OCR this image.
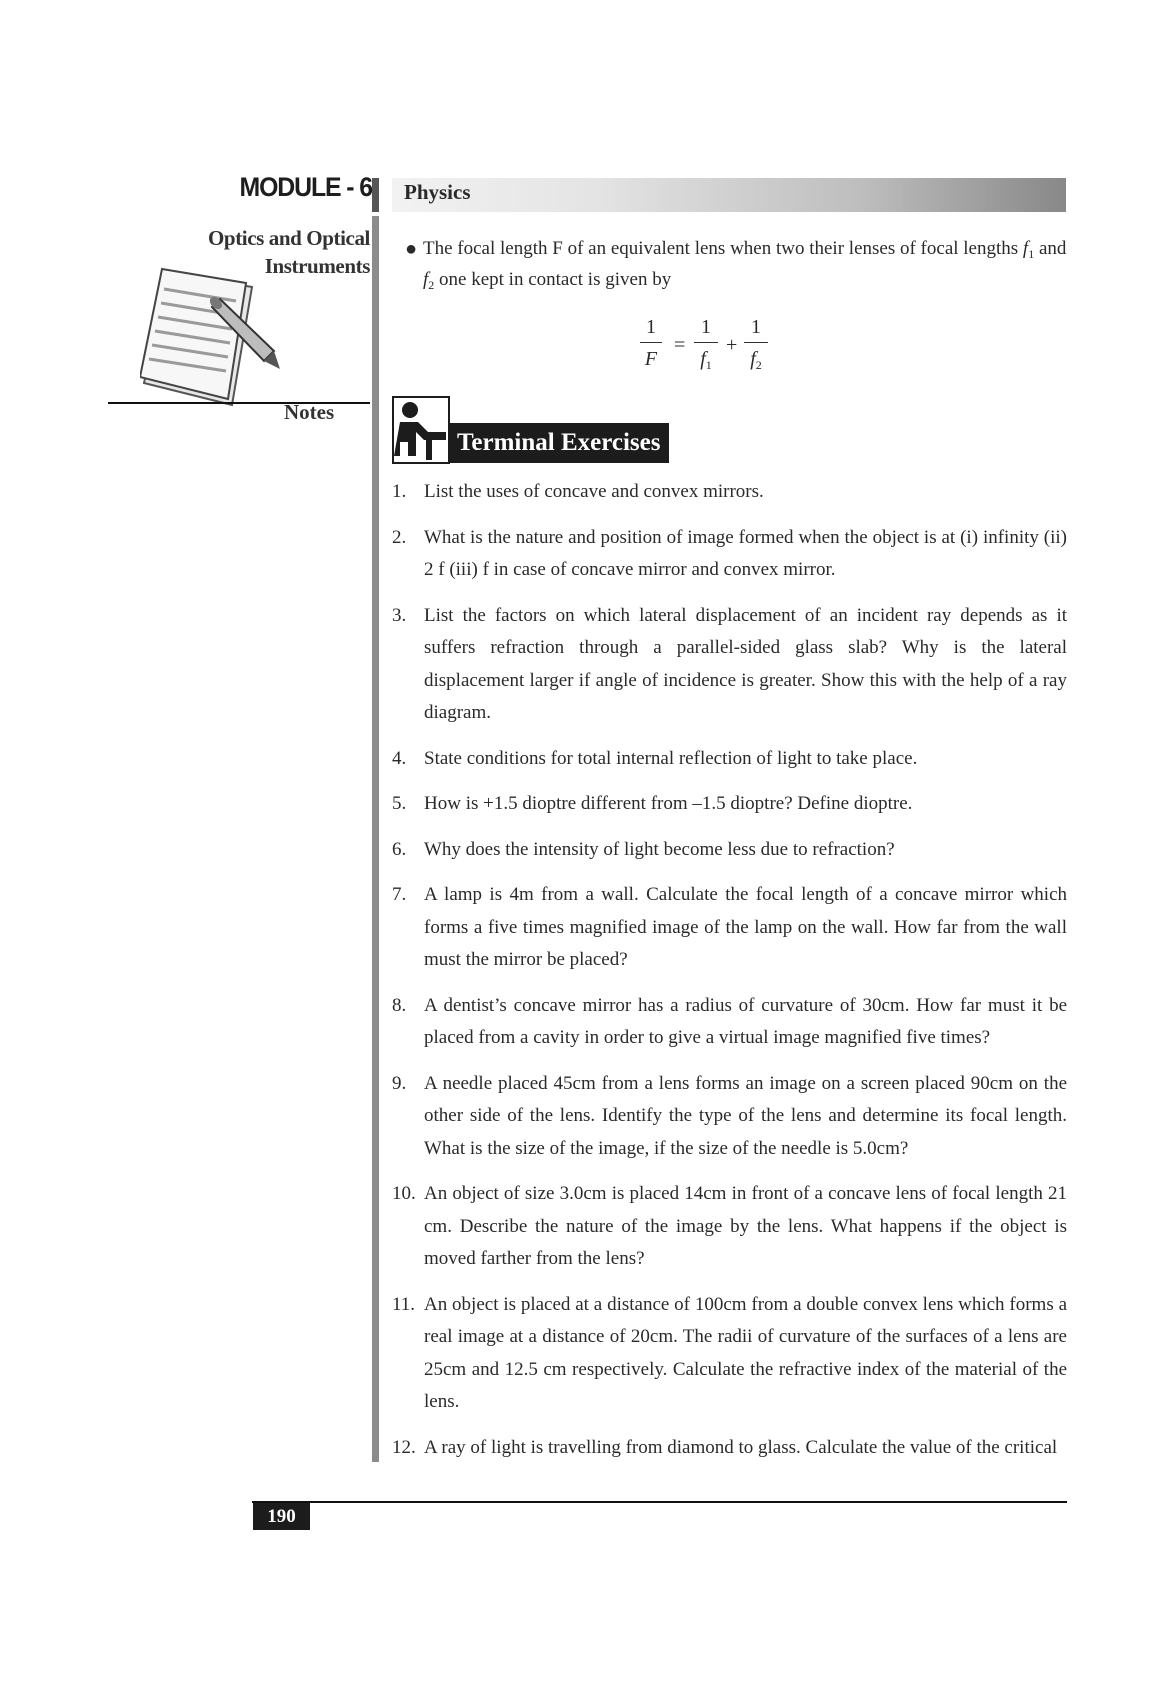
MODULE - 6
Optics and Optical
Instruments
Notes
Physics
● The focal length F of an equivalent lens when two their lenses of focal lengths $f_1$ and
$f_2$ one kept in contact is given by
1
F
=
1
$f_1$
+
1
$f_2$
Terminal Exercises
1. List the uses of concave and convex mirrors.
2. What is the nature and position of image formed when the object is at (i) infinity (ii) 2 f (iii) f in case of concave mirror and convex mirror.
3. List the factors on which lateral displacement of an incident ray depends as it suffers refraction through a parallel-sided glass slab? Why is the lateral displacement larger if angle of incidence is greater. Show this with the help of a ray diagram.
4. State conditions for total internal reflection of light to take place.
5. How is +1.5 dioptre different from –1.5 dioptre? Define dioptre.
6. Why does the intensity of light become less due to refraction?
7. A lamp is 4m from a wall. Calculate the focal length of a concave mirror which forms a five times magnified image of the lamp on the wall. How far from the wall must the mirror be placed?
8. A dentist’s concave mirror has a radius of curvature of 30cm. How far must it be placed from a cavity in order to give a virtual image magnified five times?
9. A needle placed 45cm from a lens forms an image on a screen placed 90cm on the other side of the lens. Identify the type of the lens and determine its focal length. What is the size of the image, if the size of the needle is 5.0cm?
10. An object of size 3.0cm is placed 14cm in front of a concave lens of focal length 21 cm. Describe the nature of the image by the lens. What happens if the object is moved farther from the lens?
11. An object is placed at a distance of 100cm from a double convex lens which forms a real image at a distance of 20cm. The radii of curvature of the surfaces of a lens are 25cm and 12.5 cm respectively. Calculate the refractive index of the material of the lens.
12. A ray of light is travelling from diamond to glass. Calculate the value of the critical
190
